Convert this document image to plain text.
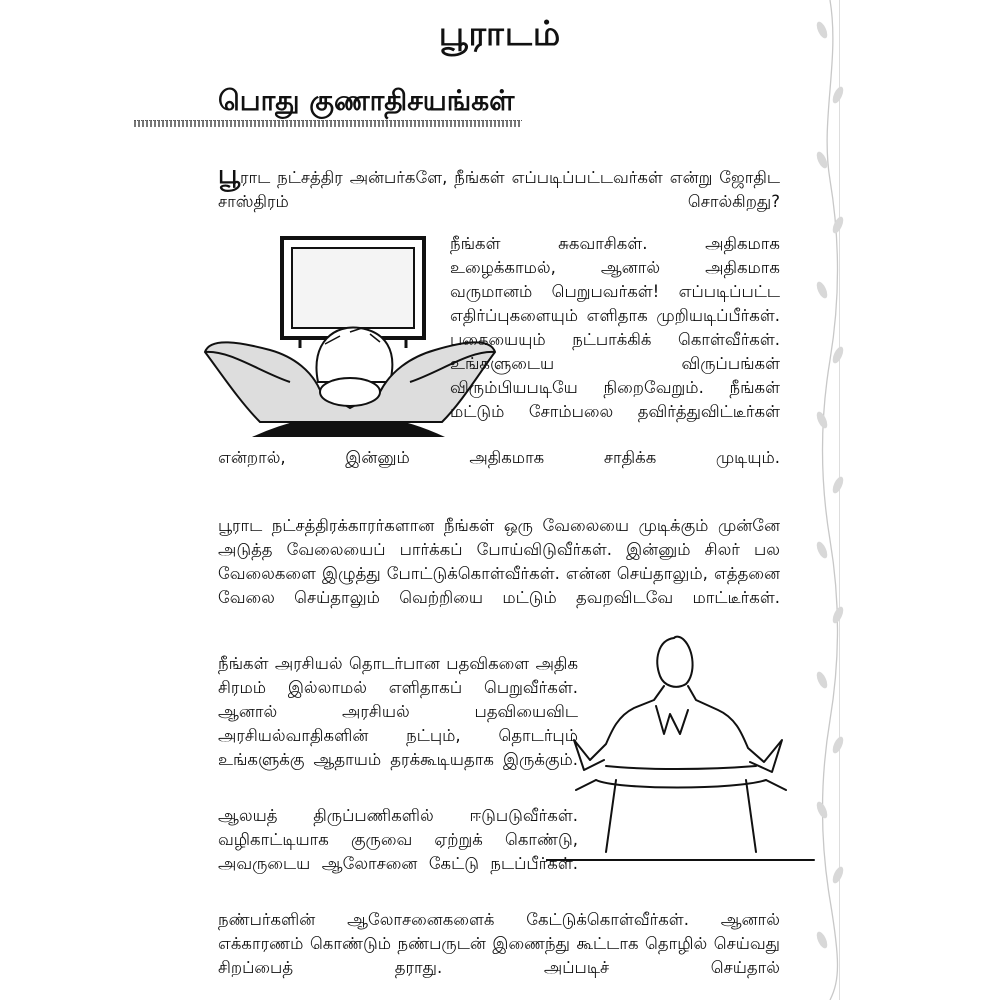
பூராடம்
பொது குணாதிசயங்கள்
பூராட நட்சத்திர அன்பர்களே, நீங்கள் எப்படிப்பட்டவர்கள் என்று ஜோதிட சாஸ்திரம் சொல்கிறது?
நீங்கள் சுகவாசிகள். அதிகமாக உழைக்காமல், ஆனால் அதிகமாக வருமானம் பெறுபவர்கள்! எப்படிப்பட்ட எதிர்ப்புகளையும் எளிதாக முறியடிப்பீர்கள். பகையையும் நட்பாக்கிக் கொள்வீர்கள். உங்களுடைய விருப்பங்கள் விரும்பியபடியே நிறைவேறும். நீங்கள் மட்டும் சோம்பலை தவிர்த்துவிட்டீர்கள்
என்றால், இன்னும் அதிகமாக சாதிக்க முடியும்.
பூராட நட்சத்திரக்காரர்களான நீங்கள் ஒரு வேலையை முடிக்கும் முன்னே அடுத்த வேலையைப் பார்க்கப் போய்விடுவீர்கள். இன்னும் சிலர் பல வேலைகளை இழுத்து போட்டுக்கொள்வீர்கள். என்ன செய்தாலும், எத்தனை வேலை செய்தாலும் வெற்றியை மட்டும் தவறவிடவே மாட்டீர்கள்.
நீங்கள் அரசியல் தொடர்பான பதவிகளை அதிக சிரமம் இல்லாமல் எளிதாகப் பெறுவீர்கள். ஆனால் அரசியல் பதவியைவிட அரசியல்வாதிகளின் நட்பும், தொடர்பும் உங்களுக்கு ஆதாயம் தரக்கூடியதாக இருக்கும்.
ஆலயத் திருப்பணிகளில் ஈடுபடுவீர்கள். வழிகாட்டியாக குருவை ஏற்றுக் கொண்டு, அவருடைய ஆலோசனை கேட்டு நடப்பீர்கள்.
நண்பர்களின் ஆலோசனைகளைக் கேட்டுக்கொள்வீர்கள். ஆனால் எக்காரணம் கொண்டும் நண்பருடன் இணைந்து கூட்டாக தொழில் செய்வது சிறப்பைத் தராது. அப்படிச் செய்தால்
